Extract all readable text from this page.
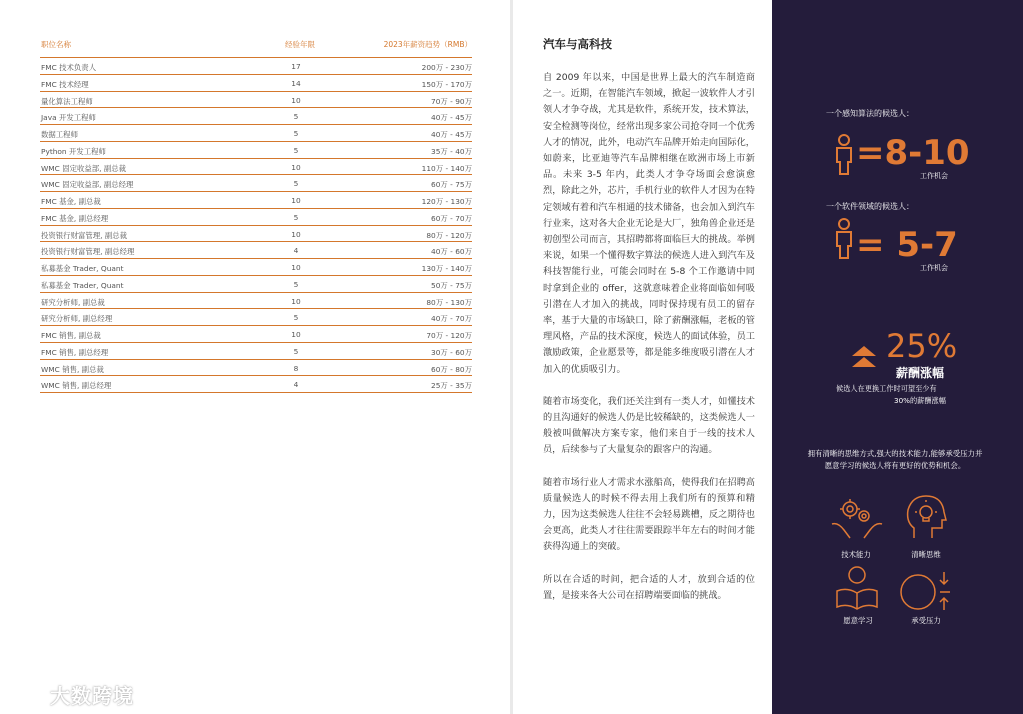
职位名称	经验年限	2023年薪资趋势（RMB）
FMC 技术负责人	17	200万 - 230万
FMC 技术经理	14	150万 - 170万
量化算法工程师	10	70万 - 90万
Java 开发工程师	5	40万 - 45万
数据工程师	5	40万 - 45万
Python 开发工程师	5	35万 - 40万
WMC 固定收益部, 副总裁	10	110万 - 140万
WMC 固定收益部, 副总经理	5	60万 - 75万
FMC 基金, 副总裁	10	120万 - 130万
FMC 基金, 副总经理	5	60万 - 70万
投资银行财富管理, 副总裁	10	80万 - 120万
投资银行财富管理, 副总经理	4	40万 - 60万
私募基金 Trader, Quant	10	130万 - 140万
私募基金 Trader, Quant	5	50万 - 75万
研究分析师, 副总裁	10	80万 - 130万
研究分析师, 副总经理	5	40万 - 70万
FMC 销售, 副总裁	10	70万 - 120万
FMC 销售, 副总经理	5	30万 - 60万
WMC 销售, 副总裁	8	60万 - 80万
WMC 销售, 副总经理	4	25万 - 35万
汽车与高科技

自 2009 年以来，中国是世界上最大的汽车制造商之一。近期，在智能汽车领域，掀起一波软件人才引领人才争夺战，尤其是软件，系统开发，技术算法，安全检测等岗位，经常出现多家公司抢夺同一个优秀人才的情况，此外，电动汽车品牌开始走向国际化，如蔚来，比亚迪等汽车品牌相继在欧洲市场上市新品。未来 3-5 年内，此类人才争夺场面会愈演愈烈，除此之外，芯片，手机行业的软件人才因为在特定领域有着和汽车相通的技术储备，也会加入到汽车行业来，这对各大企业无论是大厂，独角兽企业还是初创型公司而言，其招聘都将面临巨大的挑战。举例来说，如果一个懂得数字算法的候选人进入到汽车及科技智能行业，可能会同时在 5-8 个工作邀请中同时拿到企业的 offer，这就意味着企业将面临如何吸引潜在人才加入的挑战，同时保持现有员工的留存率，基于大量的市场缺口，除了薪酬涨幅，老板的管理风格，产品的技术深度，候选人的面试体验，员工激励政策，企业愿景等，都是能多维度吸引潜在人才加入的优质吸引力。

随着市场变化，我们还关注到有一类人才，如懂技术的且沟通好的候选人仍是比较稀缺的，这类候选人一般被叫做解决方案专家，他们来自于一线的技术人员，后续参与了大量复杂的跟客户的沟通。

随着市场行业人才需求水涨船高，使得我们在招聘高质量候选人的时候不得去用上我们所有的预算和精力，因为这类候选人往往不会轻易跳槽，反之期待也会更高，此类人才往往需要跟踪半年左右的时间才能获得沟通上的突破。

所以在合适的时间，把合适的人才，放到合适的位置，是接来各大公司在招聘端要面临的挑战。

一个感知算法的候选人：
=8-10
工作机会
一个软件领域的候选人：
= 5-7
工作机会
25%
薪酬涨幅
候选人在更换工作时可望至少有
30%的薪酬涨幅
拥有清晰的思维方式,强大的技术能力,能够承受压力并
愿意学习的候选人将有更好的优势和机会。
技术能力	清晰思维
愿意学习	承受压力
大数跨境
